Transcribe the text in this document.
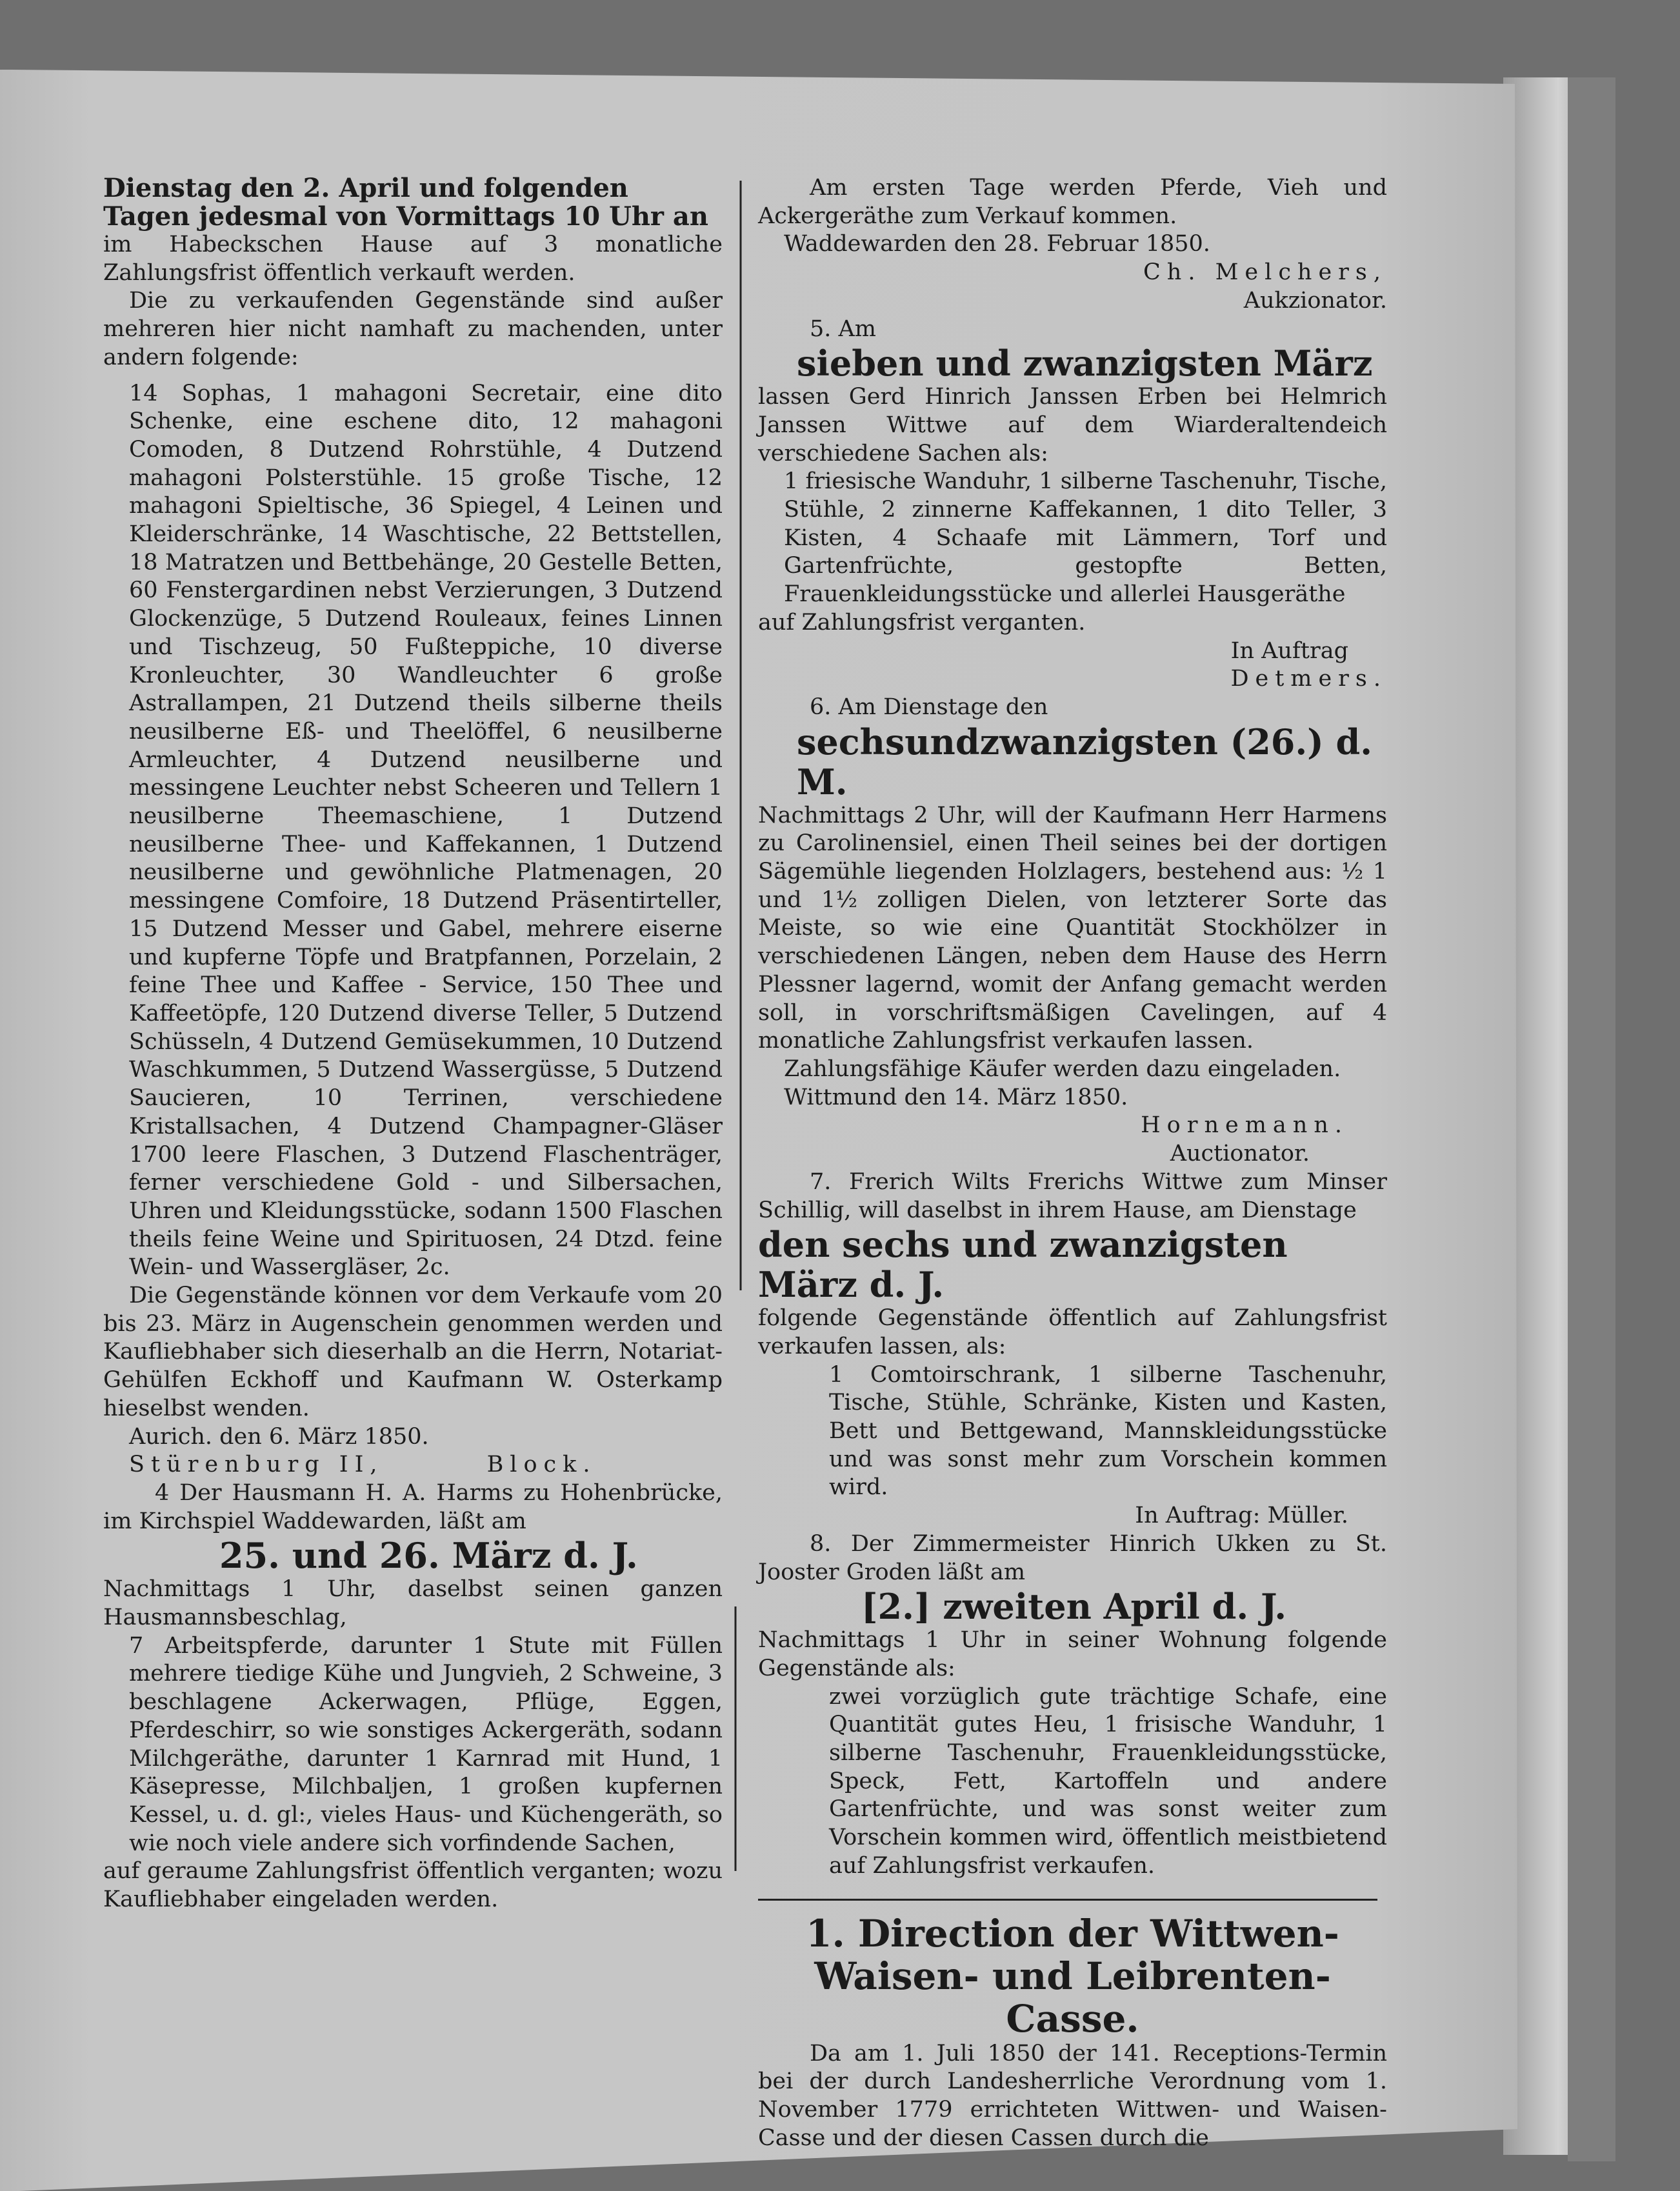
Dienstag den 2. April und folgenden Tagen jedesmal von Vormittags 10 Uhr an

im Habeckschen Hause auf 3 monatliche Zahlungsfrist öffentlich verkauft werden.

Die zu verkaufenden Gegenstände sind außer mehreren hier nicht namhaft zu machenden, unter andern folgende:

14 Sophas, 1 mahagoni Secretair, eine dito Schenke, eine eschene dito, 12 mahagoni Comoden, 8 Dutzend Rohrstühle, 4 Dutzend mahagoni Polsterstühle. 15 große Tische, 12 mahagoni Spieltische, 36 Spiegel, 4 Leinen und Kleiderschränke, 14 Waschtische, 22 Bettstellen, 18 Matratzen und Bettbehänge, 20 Gestelle Betten, 60 Fenstergardinen nebst Verzierungen, 3 Dutzend Glockenzüge, 5 Dutzend Rouleaux, feines Linnen und Tischzeug, 50 Fußteppiche, 10 diverse Kronleuchter, 30 Wandleuchter 6 große Astrallampen, 21 Dutzend theils silberne theils neusilberne Eß- und Theelöffel, 6 neusilberne Armleuchter, 4 Dutzend neusilberne und messingene Leuchter nebst Scheeren und Tellern 1 neusilberne Theemaschiene, 1 Dutzend neusilberne Thee- und Kaffekannen, 1 Dutzend neusilberne und gewöhnliche Platmenagen, 20 messingene Comfoire, 18 Dutzend Präsentirteller, 15 Dutzend Messer und Gabel, mehrere eiserne und kupferne Töpfe und Bratpfannen, Porzelain, 2 feine Thee und Kaffee - Service, 150 Thee und Kaffeetöpfe, 120 Dutzend diverse Teller, 5 Dutzend Schüsseln, 4 Dutzend Gemüsekummen, 10 Dutzend Waschkummen, 5 Dutzend Wassergüsse, 5 Dutzend Saucieren, 10 Terrinen, verschiedene Kristallsachen, 4 Dutzend Champagner-Gläser 1700 leere Flaschen, 3 Dutzend Flaschenträger, ferner verschiedene Gold - und Silbersachen, Uhren und Kleidungsstücke, sodann 1500 Flaschen theils feine Weine und Spirituosen, 24 Dtzd. feine Wein- und Wassergläser, 2c.

Die Gegenstände können vor dem Verkaufe vom 20 bis 23. März in Augenschein genommen werden und Kaufliebhaber sich dieserhalb an die Herrn, Notariat-Gehülfen Eckhoff und Kaufmann W. Osterkamp hieselbst wenden.

Aurich. den 6. März 1850.

Stürenburg II,	Block.

4 Der Hausmann H. A. Harms zu Hohenbrücke, im Kirchspiel Waddewarden, läßt am

25. und 26. März d. J.

Nachmittags 1 Uhr, daselbst seinen ganzen Hausmannsbeschlag,

7 Arbeitspferde, darunter 1 Stute mit Füllen mehrere tiedige Kühe und Jungvieh, 2 Schweine, 3 beschlagene Ackerwagen, Pflüge, Eggen, Pferdeschirr, so wie sonstiges Ackergeräth, sodann Milchgeräthe, darunter 1 Karnrad mit Hund, 1 Käsepresse, Milchbaljen, 1 großen kupfernen Kessel, u. d. gl:, vieles Haus- und Küchengeräth, so wie noch viele andere sich vorfindende Sachen,

auf geraume Zahlungsfrist öffentlich verganten; wozu Kaufliebhaber eingeladen werden.

Am ersten Tage werden Pferde, Vieh und Ackergeräthe zum Verkauf kommen.

Waddewarden den 28. Februar 1850.

Ch. Melchers,

Aukzionator.

5. Am

sieben und zwanzigsten März

lassen Gerd Hinrich Janssen Erben bei Helmrich Janssen Wittwe auf dem Wiarderaltendeich verschiedene Sachen als:

1 friesische Wanduhr, 1 silberne Taschenuhr, Tische, Stühle, 2 zinnerne Kaffekannen, 1 dito Teller, 3 Kisten, 4 Schaafe mit Lämmern, Torf und Gartenfrüchte, gestopfte Betten, Frauenkleidungsstücke und allerlei Hausgeräthe

auf Zahlungsfrist verganten.

In Auftrag

Detmers.

6. Am Dienstage den

sechsundzwanzigsten (26.) d. M.

Nachmittags 2 Uhr, will der Kaufmann Herr Harmens zu Carolinensiel, einen Theil seines bei der dortigen Sägemühle liegenden Holzlagers, bestehend aus: ½ 1 und 1½ zolligen Dielen, von letzterer Sorte das Meiste, so wie eine Quantität Stockhölzer in verschiedenen Längen, neben dem Hause des Herrn Plessner lagernd, womit der Anfang gemacht werden soll, in vorschriftsmäßigen Cavelingen, auf 4 monatliche Zahlungsfrist verkaufen lassen.

Zahlungsfähige Käufer werden dazu eingeladen.

Wittmund den 14. März 1850.

Hornemann.

Auctionator.

7. Frerich Wilts Frerichs Wittwe zum Minser Schillig, will daselbst in ihrem Hause, am Dienstage

den sechs und zwanzigsten März d. J.

folgende Gegenstände öffentlich auf Zahlungsfrist verkaufen lassen, als:

1 Comtoirschrank, 1 silberne Taschenuhr, Tische, Stühle, Schränke, Kisten und Kasten, Bett und Bettgewand, Mannskleidungsstücke und was sonst mehr zum Vorschein kommen wird.

In Auftrag: Müller.

8. Der Zimmermeister Hinrich Ukken zu St. Jooster Groden läßt am

[2.] zweiten April d. J.

Nachmittags 1 Uhr in seiner Wohnung folgende Gegenstände als:

zwei vorzüglich gute trächtige Schafe, eine Quantität gutes Heu, 1 frisische Wanduhr, 1 silberne Taschenuhr, Frauenkleidungsstücke, Speck, Fett, Kartoffeln und andere Gartenfrüchte, und was sonst weiter zum Vorschein kommen wird, öffentlich meistbietend auf Zahlungsfrist verkaufen.

1. Direction der Wittwen- Waisen- und Leibrenten-Casse.

Da am 1. Juli 1850 der 141. Receptions-Termin bei der durch Landesherrliche Verordnung vom 1. November 1779 errichteten Wittwen- und Waisen- Casse und der diesen Cassen durch die
